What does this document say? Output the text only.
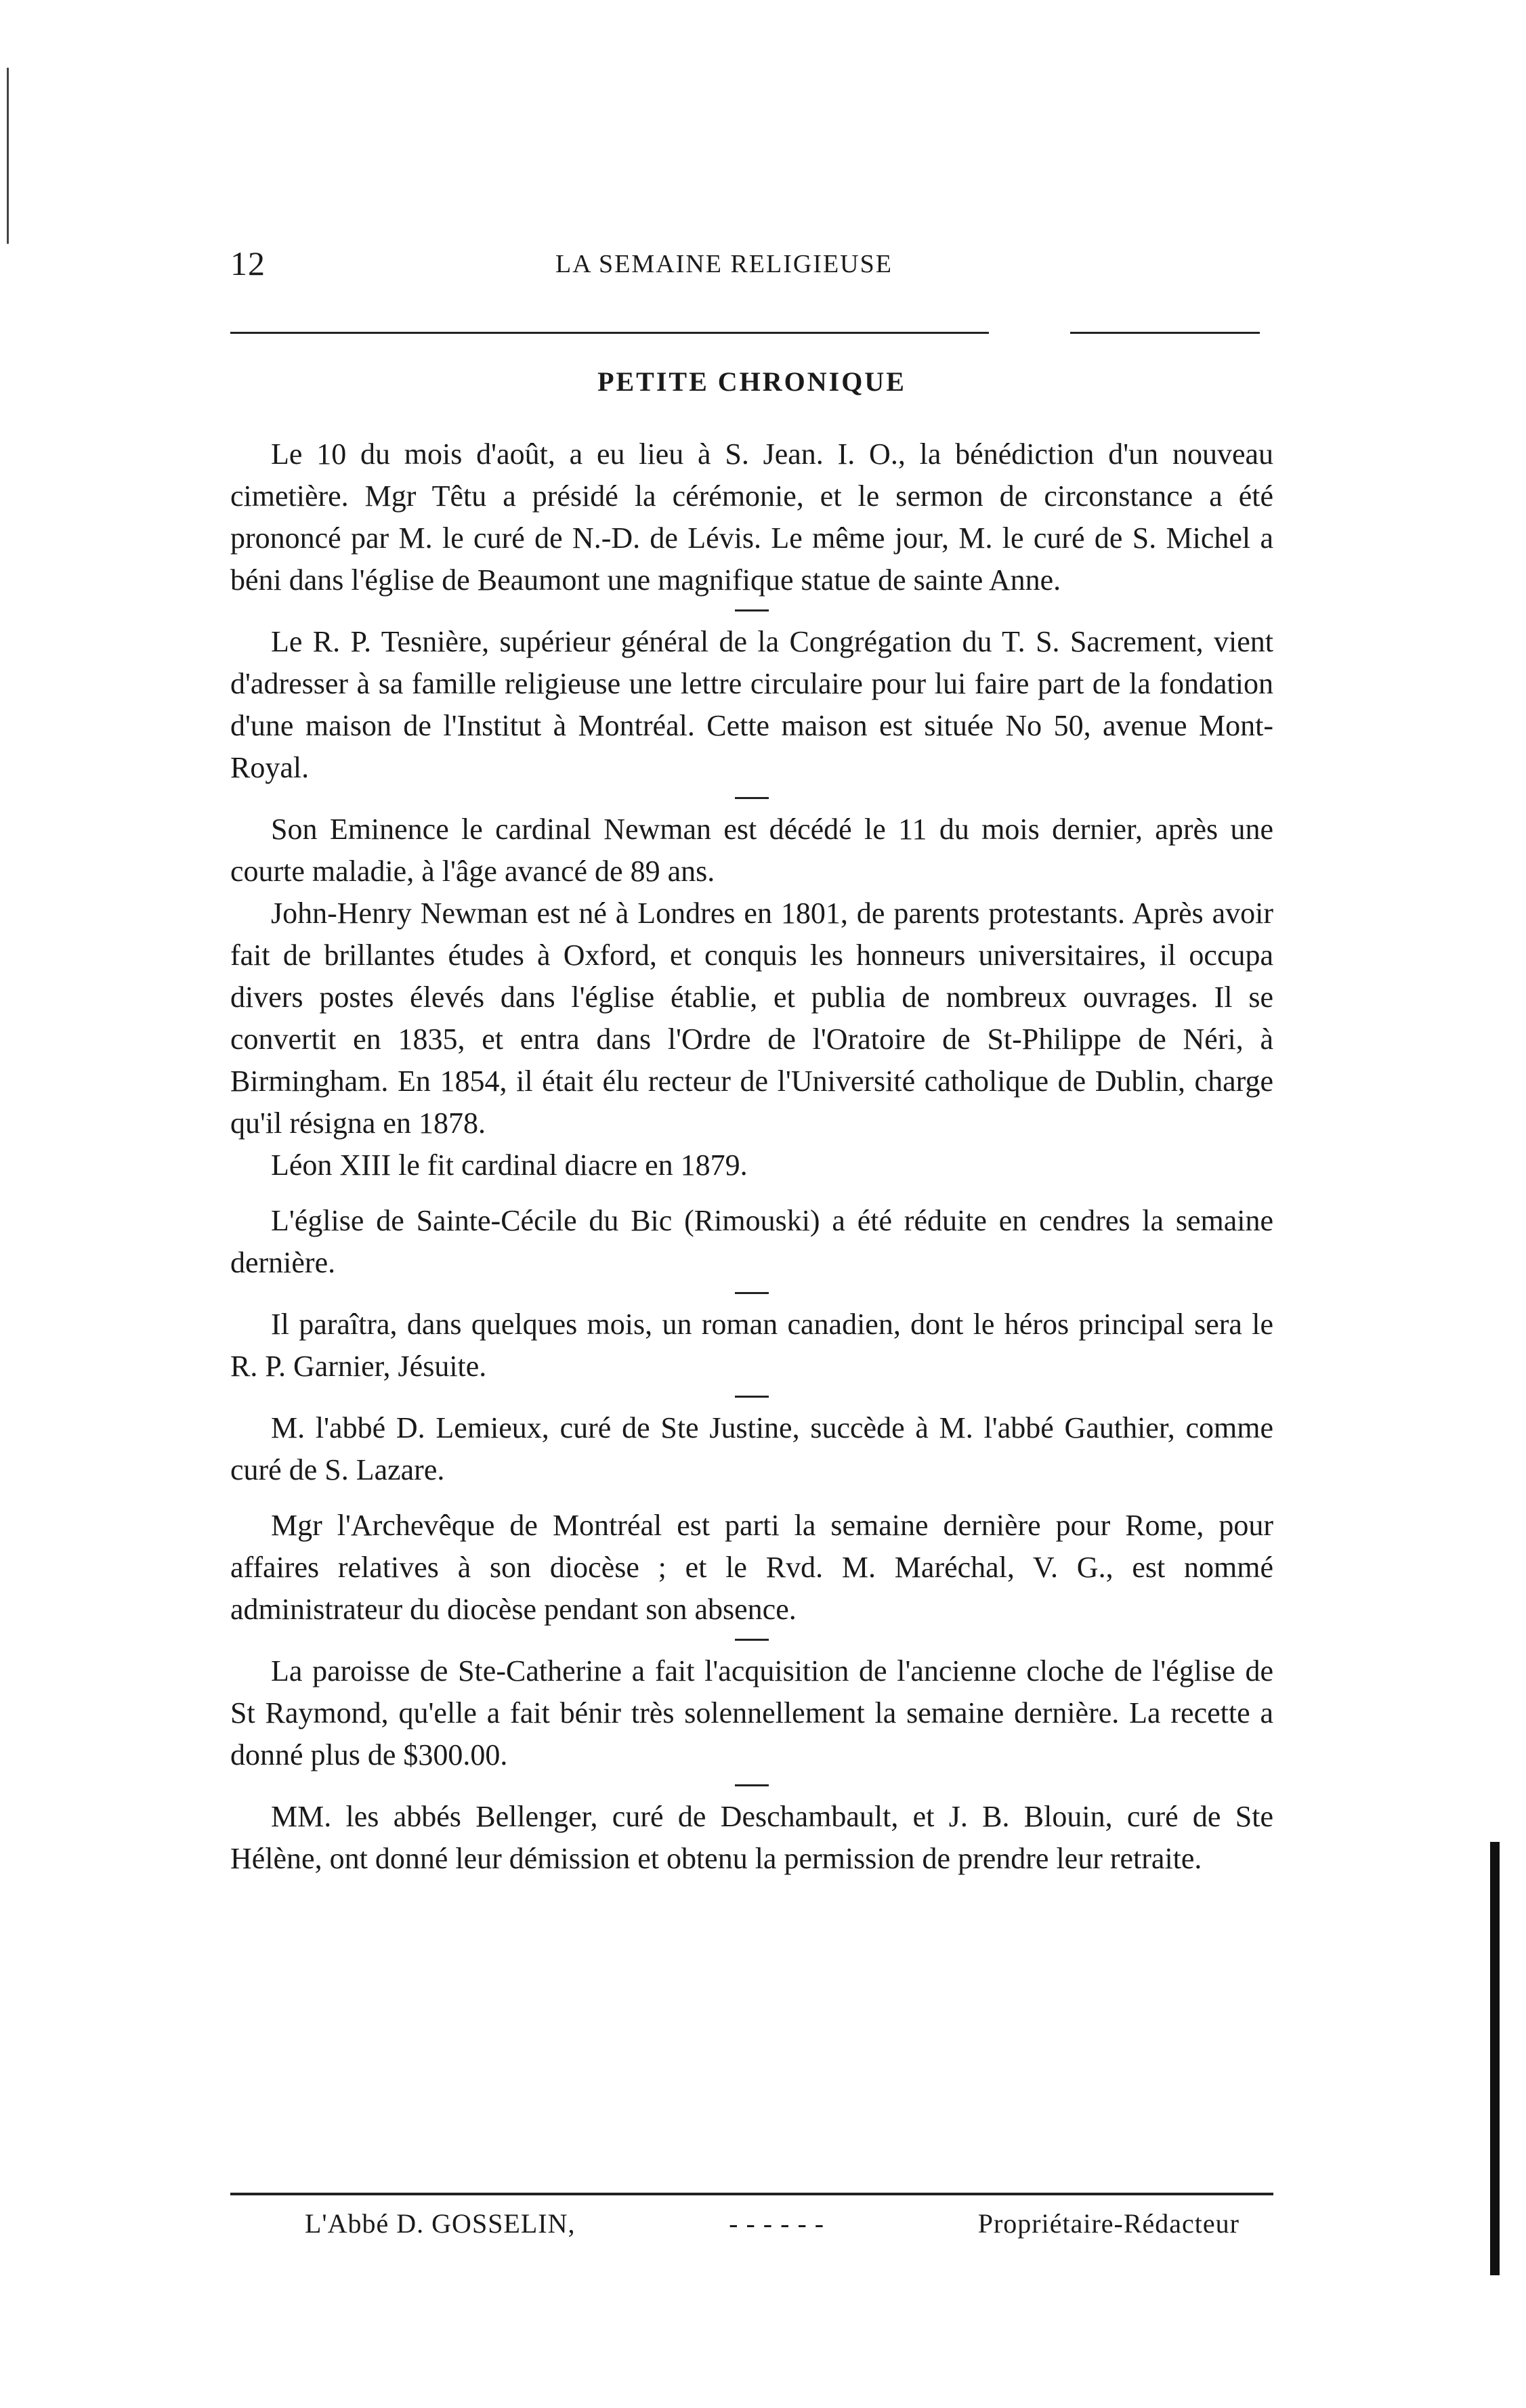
12	LA SEMAINE RELIGIEUSE
PETITE CHRONIQUE

Le 10 du mois d'août, a eu lieu à S. Jean. I. O., la bénédiction d'un nouveau cimetière. Mgr Têtu a présidé la cérémonie, et le sermon de circonstance a été prononcé par M. le curé de N.-D. de Lévis. Le même jour, M. le curé de S. Michel a béni dans l'église de Beaumont une magnifique statue de sainte Anne.

Le R. P. Tesnière, supérieur général de la Congrégation du T. S. Sacrement, vient d'adresser à sa famille religieuse une lettre circulaire pour lui faire part de la fondation d'une maison de l'Institut à Montréal. Cette maison est située No 50, avenue Mont-Royal.

Son Eminence le cardinal Newman est décédé le 11 du mois dernier, après une courte maladie, à l'âge avancé de 89 ans.

John-Henry Newman est né à Londres en 1801, de parents protestants. Après avoir fait de brillantes études à Oxford, et conquis les honneurs universitaires, il occupa divers postes élevés dans l'église établie, et publia de nombreux ouvrages. Il se convertit en 1835, et entra dans l'Ordre de l'Oratoire de St-Philippe de Néri, à Birmingham. En 1854, il était élu recteur de l'Université catholique de Dublin, charge qu'il résigna en 1878.

Léon XIII le fit cardinal diacre en 1879.

L'église de Sainte-Cécile du Bic (Rimouski) a été réduite en cendres la semaine dernière.

Il paraîtra, dans quelques mois, un roman canadien, dont le héros principal sera le R. P. Garnier, Jésuite.

M. l'abbé D. Lemieux, curé de Ste Justine, succède à M. l'abbé Gauthier, comme curé de S. Lazare.

Mgr l'Archevêque de Montréal est parti la semaine dernière pour Rome, pour affaires relatives à son diocèse ; et le Rvd. M. Maréchal, V. G., est nommé administrateur du diocèse pendant son absence.

La paroisse de Ste-Catherine a fait l'acquisition de l'ancienne cloche de l'église de St Raymond, qu'elle a fait bénir très solennellement la semaine dernière. La recette a donné plus de $300.00.

MM. les abbés Bellenger, curé de Deschambault, et J. B. Blouin, curé de Ste Hélène, ont donné leur démission et obtenu la permission de prendre leur retraite.

L'Abbé D. GOSSELIN,	- - - - - -	Propriétaire-Rédacteur
